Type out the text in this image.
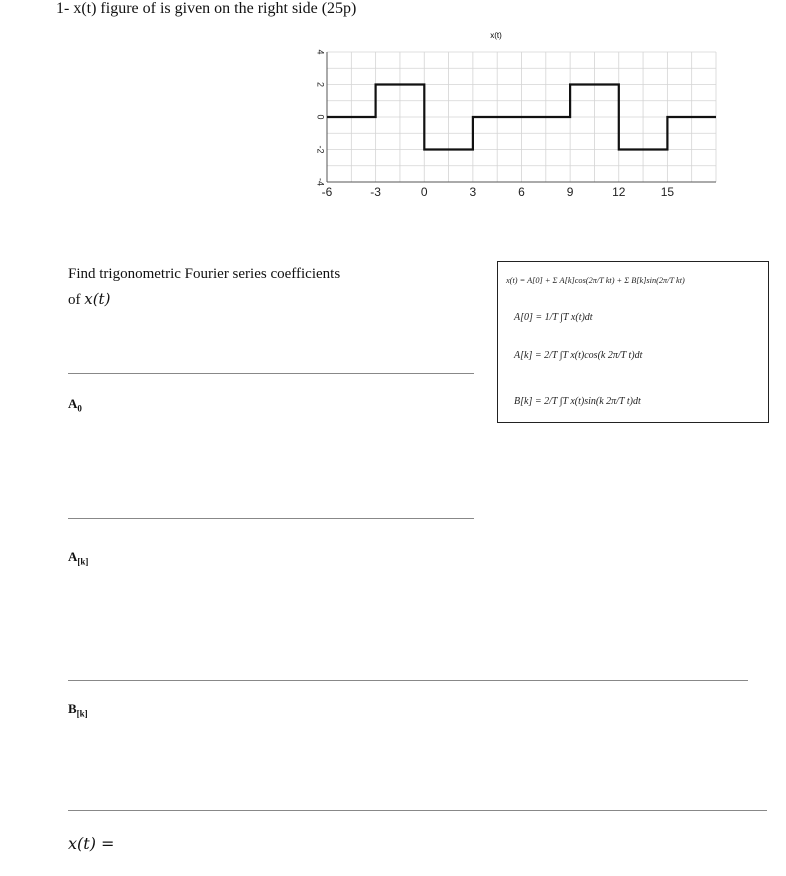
1- x(t) figure of is given on the right side (25p)
x(t)
-6	-3	0	3	6	9	12	15
4
2
0
-2
-4
Find trigonometric Fourier series coefficients
of x(t)
x(t) = A[0] + Σ A[k]cos(2π/T kt) + Σ B[k]sin(2π/T kt)
A[0] = 1/T ∫T x(t)dt
A[k] = 2/T ∫T x(t)cos(k 2π/T t)dt
B[k] = 2/T ∫T x(t)sin(k 2π/T t)dt
$A_0$
$A_{[k]}$
$B_{[k]}$
x(t) =
